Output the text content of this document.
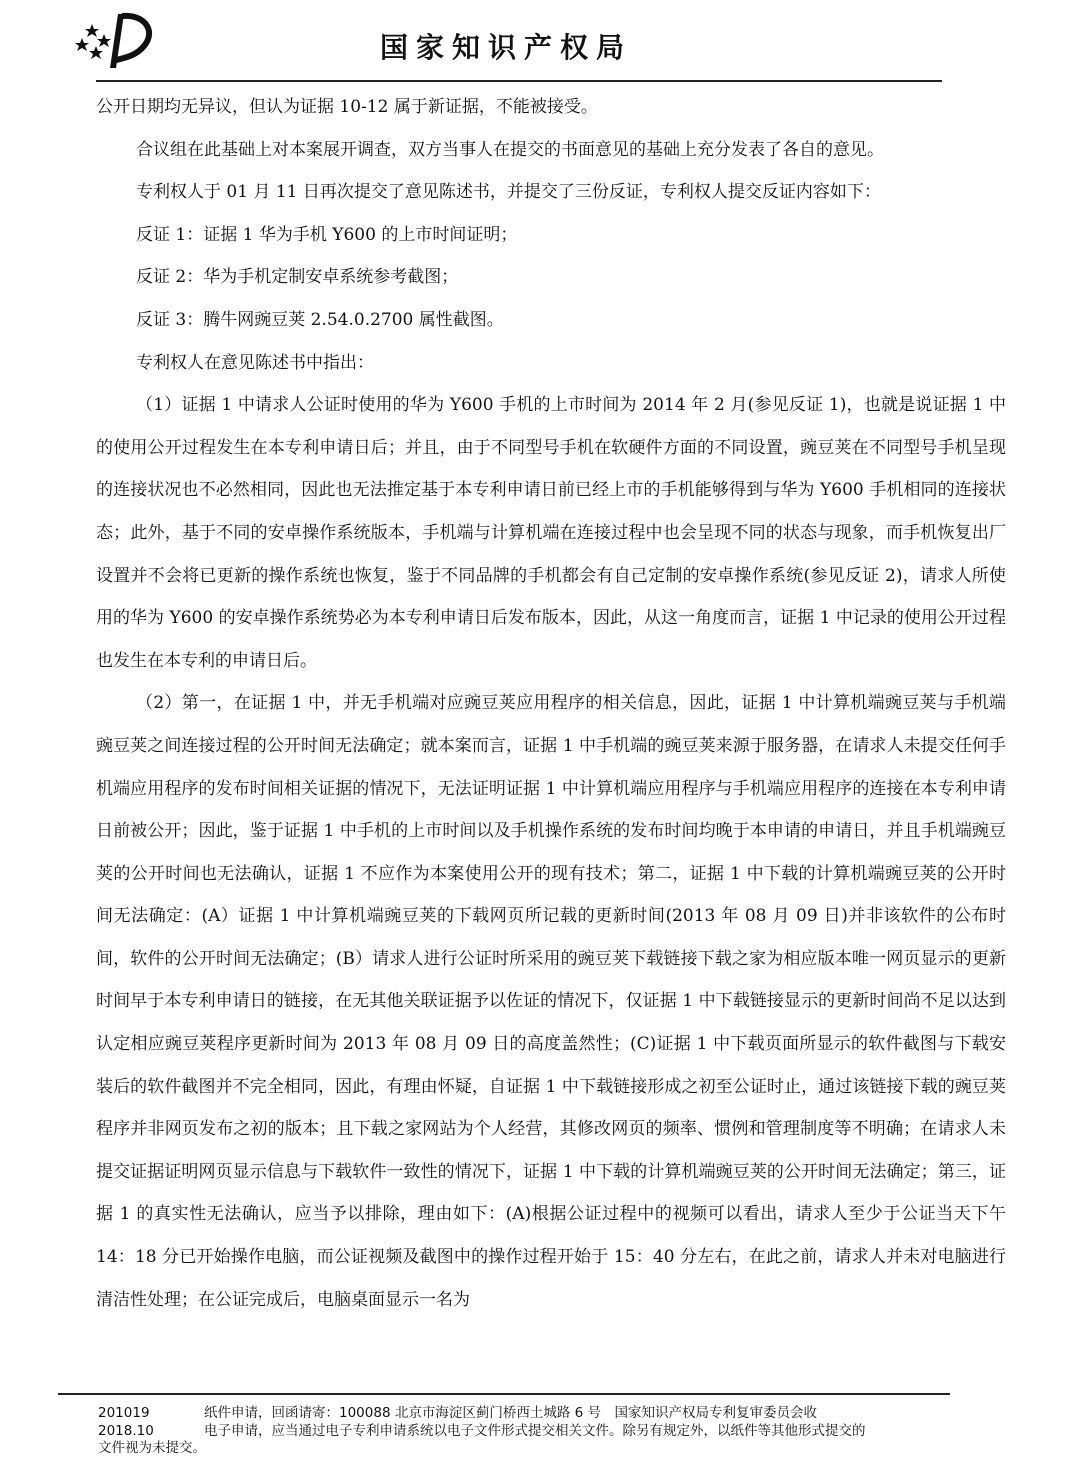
国家知识产权局

公开日期均无异议，但认为证据 10-12 属于新证据，不能被接受。

合议组在此基础上对本案展开调查，双方当事人在提交的书面意见的基础上充分发表了各自的意见。

专利权人于 01 月 11 日再次提交了意见陈述书，并提交了三份反证，专利权人提交反证内容如下：

反证 1：证据 1 华为手机 Y600 的上市时间证明；

反证 2：华为手机定制安卓系统参考截图；

反证 3：腾牛网豌豆荚 2.54.0.2700 属性截图。

专利权人在意见陈述书中指出：

（1）证据 1 中请求人公证时使用的华为 Y600 手机的上市时间为 2014 年 2 月(参见反证 1)，也就是说证据 1 中的使用公开过程发生在本专利申请日后；并且，由于不同型号手机在软硬件方面的不同设置，豌豆荚在不同型号手机呈现的连接状况也不必然相同，因此也无法推定基于本专利申请日前已经上市的手机能够得到与华为 Y600 手机相同的连接状态；此外，基于不同的安卓操作系统版本，手机端与计算机端在连接过程中也会呈现不同的状态与现象，而手机恢复出厂设置并不会将已更新的操作系统也恢复，鉴于不同品牌的手机都会有自己定制的安卓操作系统(参见反证 2)，请求人所使用的华为 Y600 的安卓操作系统势必为本专利申请日后发布版本，因此，从这一角度而言，证据 1 中记录的使用公开过程也发生在本专利的申请日后。

（2）第一，在证据 1 中，并无手机端对应豌豆荚应用程序的相关信息，因此，证据 1 中计算机端豌豆荚与手机端豌豆荚之间连接过程的公开时间无法确定；就本案而言，证据 1 中手机端的豌豆荚来源于服务器，在请求人未提交任何手机端应用程序的发布时间相关证据的情况下，无法证明证据 1 中计算机端应用程序与手机端应用程序的连接在本专利申请日前被公开；因此，鉴于证据 1 中手机的上市时间以及手机操作系统的发布时间均晚于本申请的申请日，并且手机端豌豆荚的公开时间也无法确认，证据 1 不应作为本案使用公开的现有技术；第二，证据 1 中下载的计算机端豌豆荚的公开时间无法确定：(A）证据 1 中计算机端豌豆荚的下载网页所记载的更新时间(2013 年 08 月 09 日)并非该软件的公布时间，软件的公开时间无法确定；(B）请求人进行公证时所采用的豌豆荚下载链接下载之家为相应版本唯一网页显示的更新时间早于本专利申请日的链接，在无其他关联证据予以佐证的情况下，仅证据 1 中下载链接显示的更新时间尚不足以达到认定相应豌豆荚程序更新时间为 2013 年 08 月 09 日的高度盖然性；(C)证据 1 中下载页面所显示的软件截图与下载安装后的软件截图并不完全相同，因此，有理由怀疑，自证据 1 中下载链接形成之初至公证时止，通过该链接下载的豌豆荚程序并非网页发布之初的版本；且下载之家网站为个人经营，其修改网页的频率、惯例和管理制度等不明确；在请求人未提交证据证明网页显示信息与下载软件一致性的情况下，证据 1 中下载的计算机端豌豆荚的公开时间无法确定；第三，证据 1 的真实性无法确认，应当予以排除，理由如下：(A)根据公证过程中的视频可以看出，请求人至少于公证当天下午 14：18 分已开始操作电脑，而公证视频及截图中的操作过程开始于 15：40 分左右，在此之前，请求人并未对电脑进行清洁性处理；在公证完成后，电脑桌面显示一名为

201019	纸件申请，回函请寄：100088 北京市海淀区蓟门桥西土城路 6 号　国家知识产权局专利复审委员会收
2018.10	电子申请，应当通过电子专利申请系统以电子文件形式提交相关文件。除另有规定外，以纸件等其他形式提交的
文件视为未提交。
